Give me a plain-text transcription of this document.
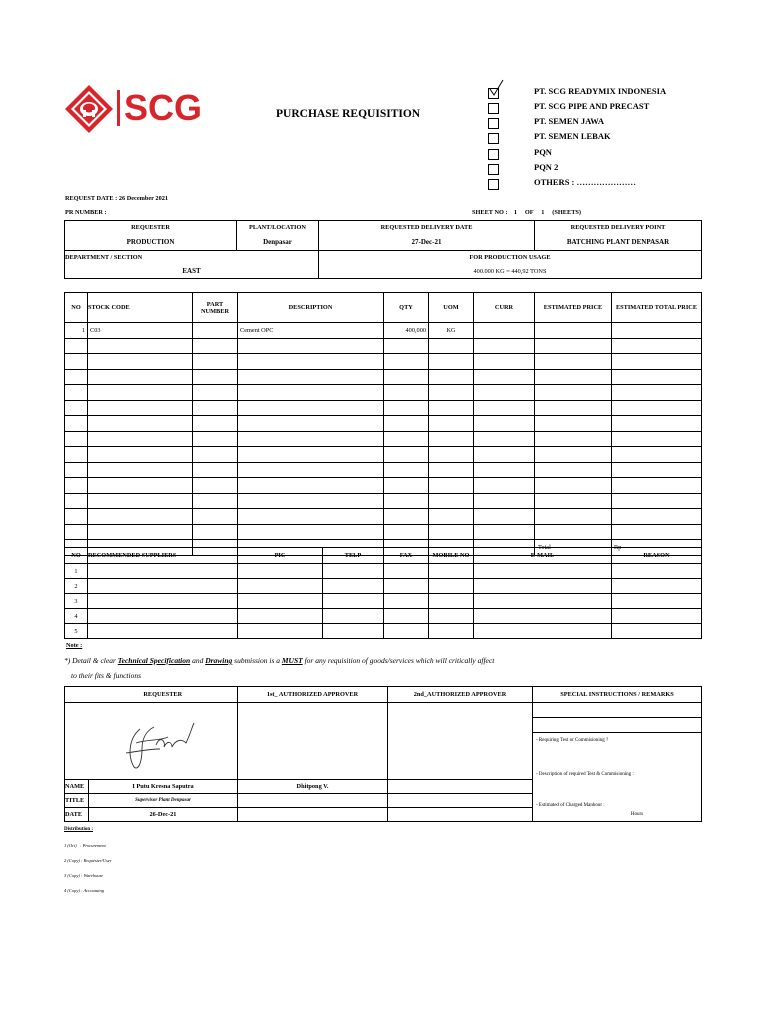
SCG	PURCHASE REQUISITION
PT. SCG READYMIX INDONESIA
PT. SCG PIPE AND PRECAST
PT. SEMEN JAWA
PT. SEMEN LEBAK
PQN
PQN 2
OTHERS : …………………
REQUEST DATE : 26 December 2021
PR NUMBER :	SHEET NO :    1     OF     1     (SHEETS)
REQUESTER	PLANT/LOCATION	REQUESTED DELIVERY DATE	REQUESTED DELIVERY POINT
PRODUCTION	Denpasar	27-Dec-21	BATCHING PLANT DENPASAR
DEPARTMENT / SECTION		FOR PRODUCTION USAGE	
EAST		400.000 KG = 440,92 TONS	
NO	STOCK CODE	PART NUMBER	DESCRIPTION	QTY	UOM	CURR	ESTIMATED PRICE	ESTIMATED TOTAL PRICE
1	C03		Cement OPC	400,000	KG			

							Total	Rp -
NO	RECOMMENDED SUPPLIERS	PIC	TELP	FAX	MOBILE NO	E-MAIL	REASON
1							
2							
3							
4							
5							
Note :
*) Detail & clear Technical Specification and Drawing submission is a MUST for any requisition of goods/services which will critically affect
to their fits & functions
	REQUESTER	1st_ AUTHORIZED APPROVER	2nd_AUTHORIZED APPROVER	SPECIAL INSTRUCTIONS / REMARKS

				- Requiring Test or Commisioning ?
				- Description of required Test & Commisioning :

NAME	I Putu Kresna Saputra	Dhitpong V.		- Estimated of Charged Manhour :
TITLE	Supervisor Plant Denpasar			
DATE	26-Dec-21			Hours
Distribution :
1 (Ori)   : Procurement
2 (Copy) : Requester/User
3 (Copy) : Warehouse
4 (Copy) : Accounting
